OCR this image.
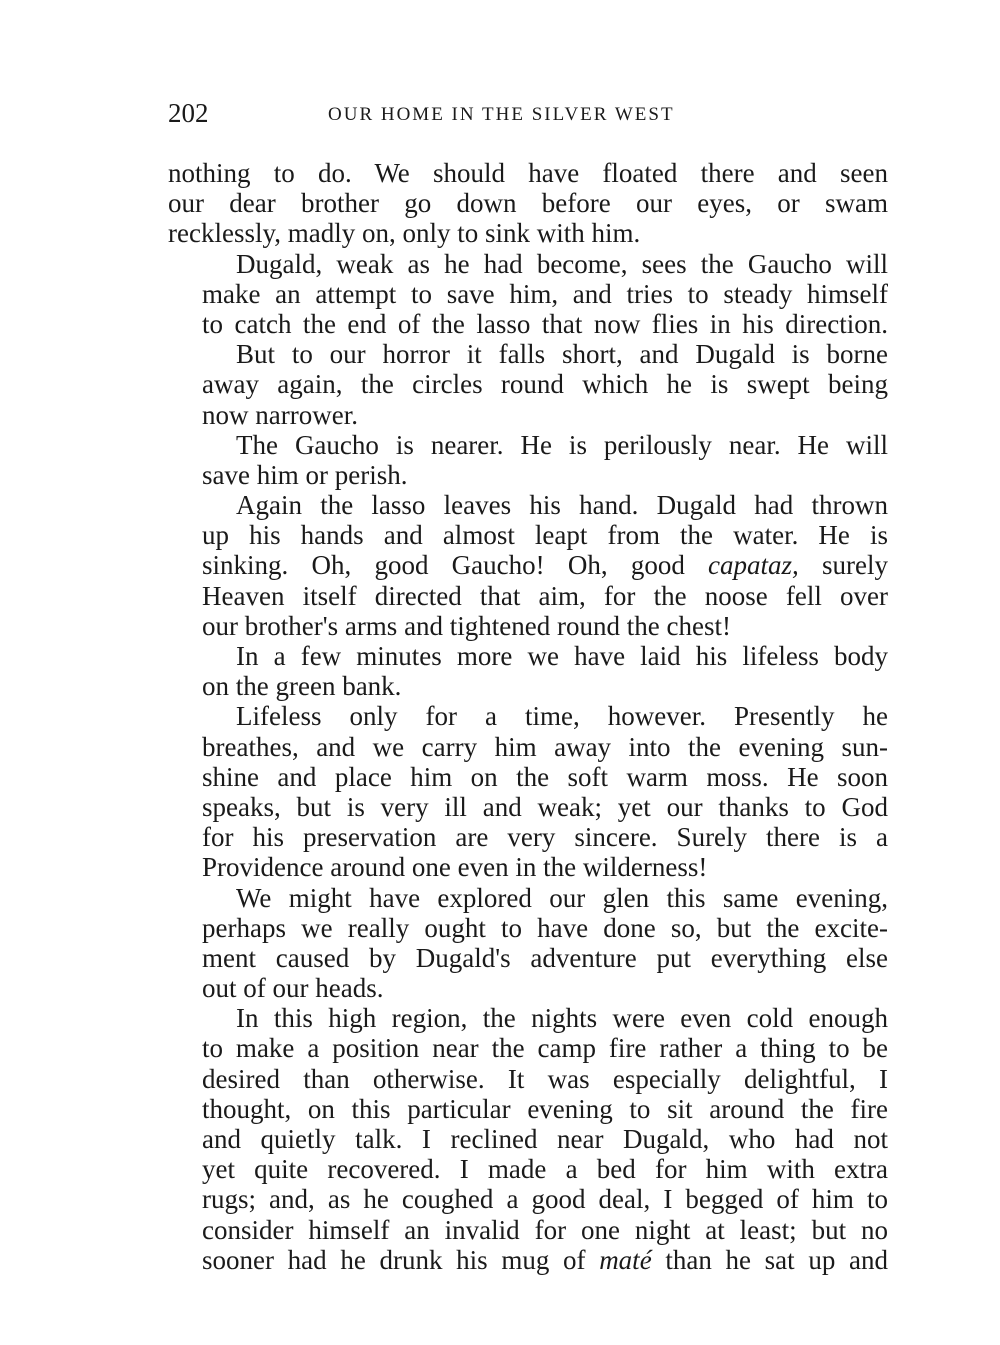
202	OUR HOME IN THE SILVER WEST
nothing to do. We should have floated there and seen
our dear brother go down before our eyes, or swam
recklessly, madly on, only to sink with him.
Dugald, weak as he had become, sees the Gaucho will
make an attempt to save him, and tries to steady himself
to catch the end of the lasso that now flies in his direction.
But to our horror it falls short, and Dugald is borne
away again, the circles round which he is swept being
now narrower.
The Gaucho is nearer. He is perilously near. He will
save him or perish.
Again the lasso leaves his hand. Dugald had thrown
up his hands and almost leapt from the water. He is
sinking. Oh, good Gaucho! Oh, good capataz, surely
Heaven itself directed that aim, for the noose fell over
our brother's arms and tightened round the chest!
In a few minutes more we have laid his lifeless body
on the green bank.
Lifeless only for a time, however. Presently he
breathes, and we carry him away into the evening sun-
shine and place him on the soft warm moss. He soon
speaks, but is very ill and weak; yet our thanks to God
for his preservation are very sincere. Surely there is a
Providence around one even in the wilderness!
We might have explored our glen this same evening,
perhaps we really ought to have done so, but the excite-
ment caused by Dugald's adventure put everything else
out of our heads.
In this high region, the nights were even cold enough
to make a position near the camp fire rather a thing to be
desired than otherwise. It was especially delightful, I
thought, on this particular evening to sit around the fire
and quietly talk. I reclined near Dugald, who had not
yet quite recovered. I made a bed for him with extra
rugs; and, as he coughed a good deal, I begged of him to
consider himself an invalid for one night at least; but no
sooner had he drunk his mug of maté than he sat up and
